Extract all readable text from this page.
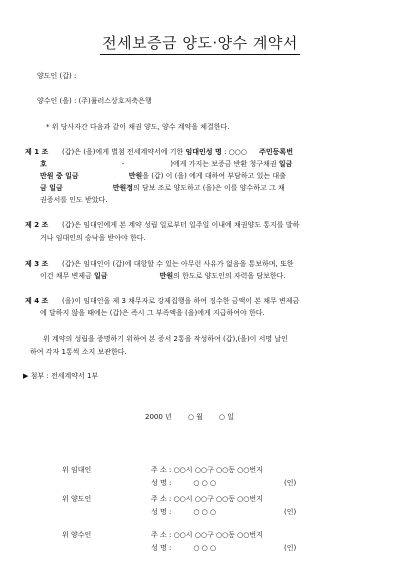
전세보증금 양도·양수 계약서
양도인 (갑) :
양수인 (을) : (주)퓰러스상호저축은행
* 위 당사자간 다음과 같이 채권 양도, 양수 계약을 체결한다.
제 1 조 (갑)은 (을)에게 별첨 전세계약서에 기한 임대인성 명 : ○○○ 주민등록번
호	-	)에게 가지는 보증금 반환 청구채권 일금
만원 중 일금	만원을 (갑) 이 (을) 에게 대하여 부담하고 있는 대출
금 일금	만원정의 담보 조로 양도하고 (을)은 이를 양수하고 그 채
권증서를 인도 받았다.
제 2 조 (갑)은 임대인에게 본 계약 성립 일로부터 일주일 이내에 채권양도 통지를 발하
거나 임대인의 승낙을 받아야 한다.
제 3 조 (갑)은 임대인이 (갑)에 대항할 수 있는 아무런 사유가 없음을 통보하며, 또한
이건 채무 변제금 일금	만원의 한도로 양도인의 자력을 담보한다.
제 4 조 (을)이 임대인을 제 3 채무자로 강제집행을 하여 징수한 금액이 본 채무 변제금
에 달하지 않을 때에는 (갑)은 즉시 그 부족액을 (을)에게 지급하여야 한다.
위 계약의 성립을 증명하기 위하여 본 증서 2통을 작성하여 (갑),(을)이 서명 날인
하여 각자 1통씩 소지 보관한다.
▶ 첨부 : 전세계약서 1부
2000 년 ○ 월 ○ 일
위 임대인	주 소 : ○○시 ○○구 ○○동 ○○번지
성 명 :	○ ○ ○	(인)
위 양도인	주 소 : ○○시 ○○구 ○○동 ○○번지
성 명 :	○ ○ ○	(인)
위 양수인	주 소 : ○○시 ○○구 ○○동 ○○번지
성 명 :	○ ○ ○	(인)
